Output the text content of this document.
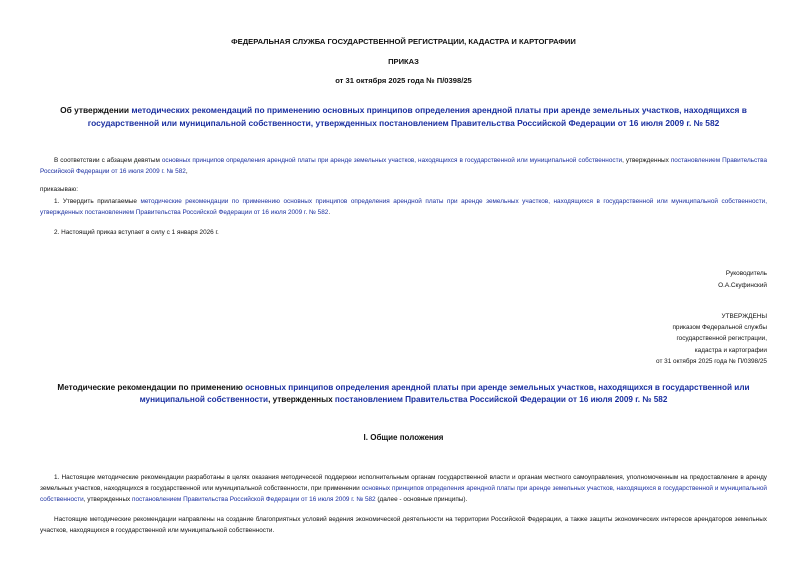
ФЕДЕРАЛЬНАЯ СЛУЖБА ГОСУДАРСТВЕННОЙ РЕГИСТРАЦИИ, КАДАСТРА И КАРТОГРАФИИ

ПРИКАЗ

от 31 октября 2025 года № П/0398/25

Об утверждении методических рекомендаций по применению основных принципов определения арендной платы при аренде земельных участков, находящихся в государственной или муниципальной собственности, утвержденных постановлением Правительства Российской Федерации от 16 июля 2009 г. № 582

В соответствии с абзацем девятым основных принципов определения арендной платы при аренде земельных участков, находящихся в государственной или муниципальной собственности, утвержденных постановлением Правительства Российской Федерации от 16 июля 2009 г. № 582,

приказываю:

1. Утвердить прилагаемые методические рекомендации по применению основных принципов определения арендной платы при аренде земельных участков, находящихся в государственной или муниципальной собственности, утвержденных постановлением Правительства Российской Федерации от 16 июля 2009 г. № 582.

2. Настоящий приказ вступает в силу с 1 января 2026 г.

Руководитель

О.А.Скуфинский

УТВЕРЖДЕНЫ

приказом Федеральной службы

государственной регистрации,

кадастра и картографии

от 31 октября 2025 года № П/0398/25

Методические рекомендации по применению основных принципов определения арендной платы при аренде земельных участков, находящихся в государственной или муниципальной собственности, утвержденных постановлением Правительства Российской Федерации от 16 июля 2009 г. № 582

I. Общие положения

1. Настоящие методические рекомендации разработаны в целях оказания методической поддержки исполнительным органам государственной власти и органам местного самоуправления, уполномоченным на предоставление в аренду земельных участков, находящихся в государственной или муниципальной собственности, при применении основных принципов определения арендной платы при аренде земельных участков, находящихся в государственной и муниципальной собственности, утвержденных постановлением Правительства Российской Федерации от 16 июля 2009 г. № 582 (далее - основные принципы).

Настоящие методические рекомендации направлены на создание благоприятных условий ведения экономической деятельности на территории Российской Федерации, а также защиты экономических интересов арендаторов земельных участков, находящихся в государственной или муниципальной собственности.
